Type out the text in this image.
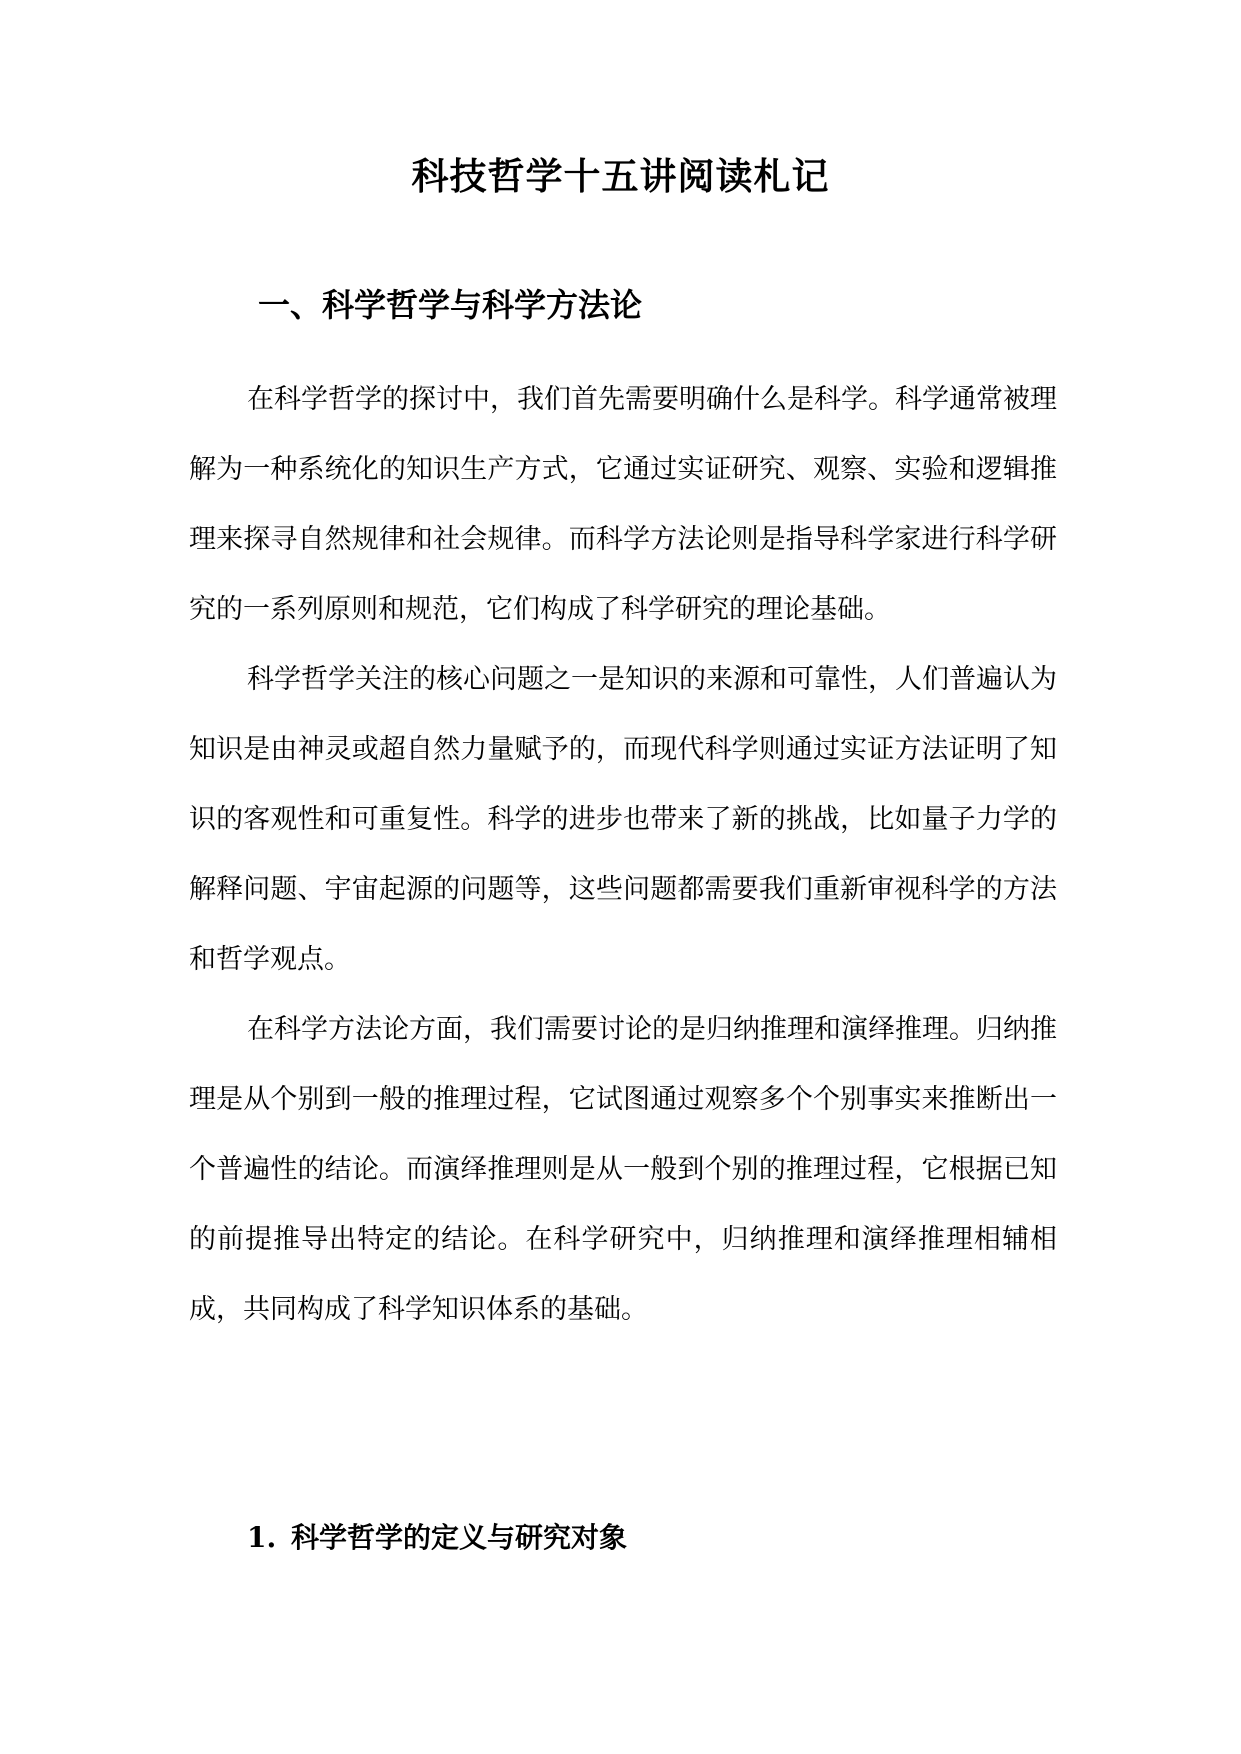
科技哲学十五讲阅读札记
一、科学哲学与科学方法论

在科学哲学的探讨中，我们首先需要明确什么是科学。科学通常被理解为一种系统化的知识生产方式，它通过实证研究、观察、实验和逻辑推理来探寻自然规律和社会规律。而科学方法论则是指导科学家进行科学研究的一系列原则和规范，它们构成了科学研究的理论基础。

科学哲学关注的核心问题之一是知识的来源和可靠性，人们普遍认为知识是由神灵或超自然力量赋予的，而现代科学则通过实证方法证明了知识的客观性和可重复性。科学的进步也带来了新的挑战，比如量子力学的解释问题、宇宙起源的问题等，这些问题都需要我们重新审视科学的方法和哲学观点。

在科学方法论方面，我们需要讨论的是归纳推理和演绎推理。归纳推理是从个别到一般的推理过程，它试图通过观察多个个别事实来推断出一个普遍性的结论。而演绎推理则是从一般到个别的推理过程，它根据已知的前提推导出特定的结论。在科学研究中，归纳推理和演绎推理相辅相成，共同构成了科学知识体系的基础。

1. 科学哲学的定义与研究对象
